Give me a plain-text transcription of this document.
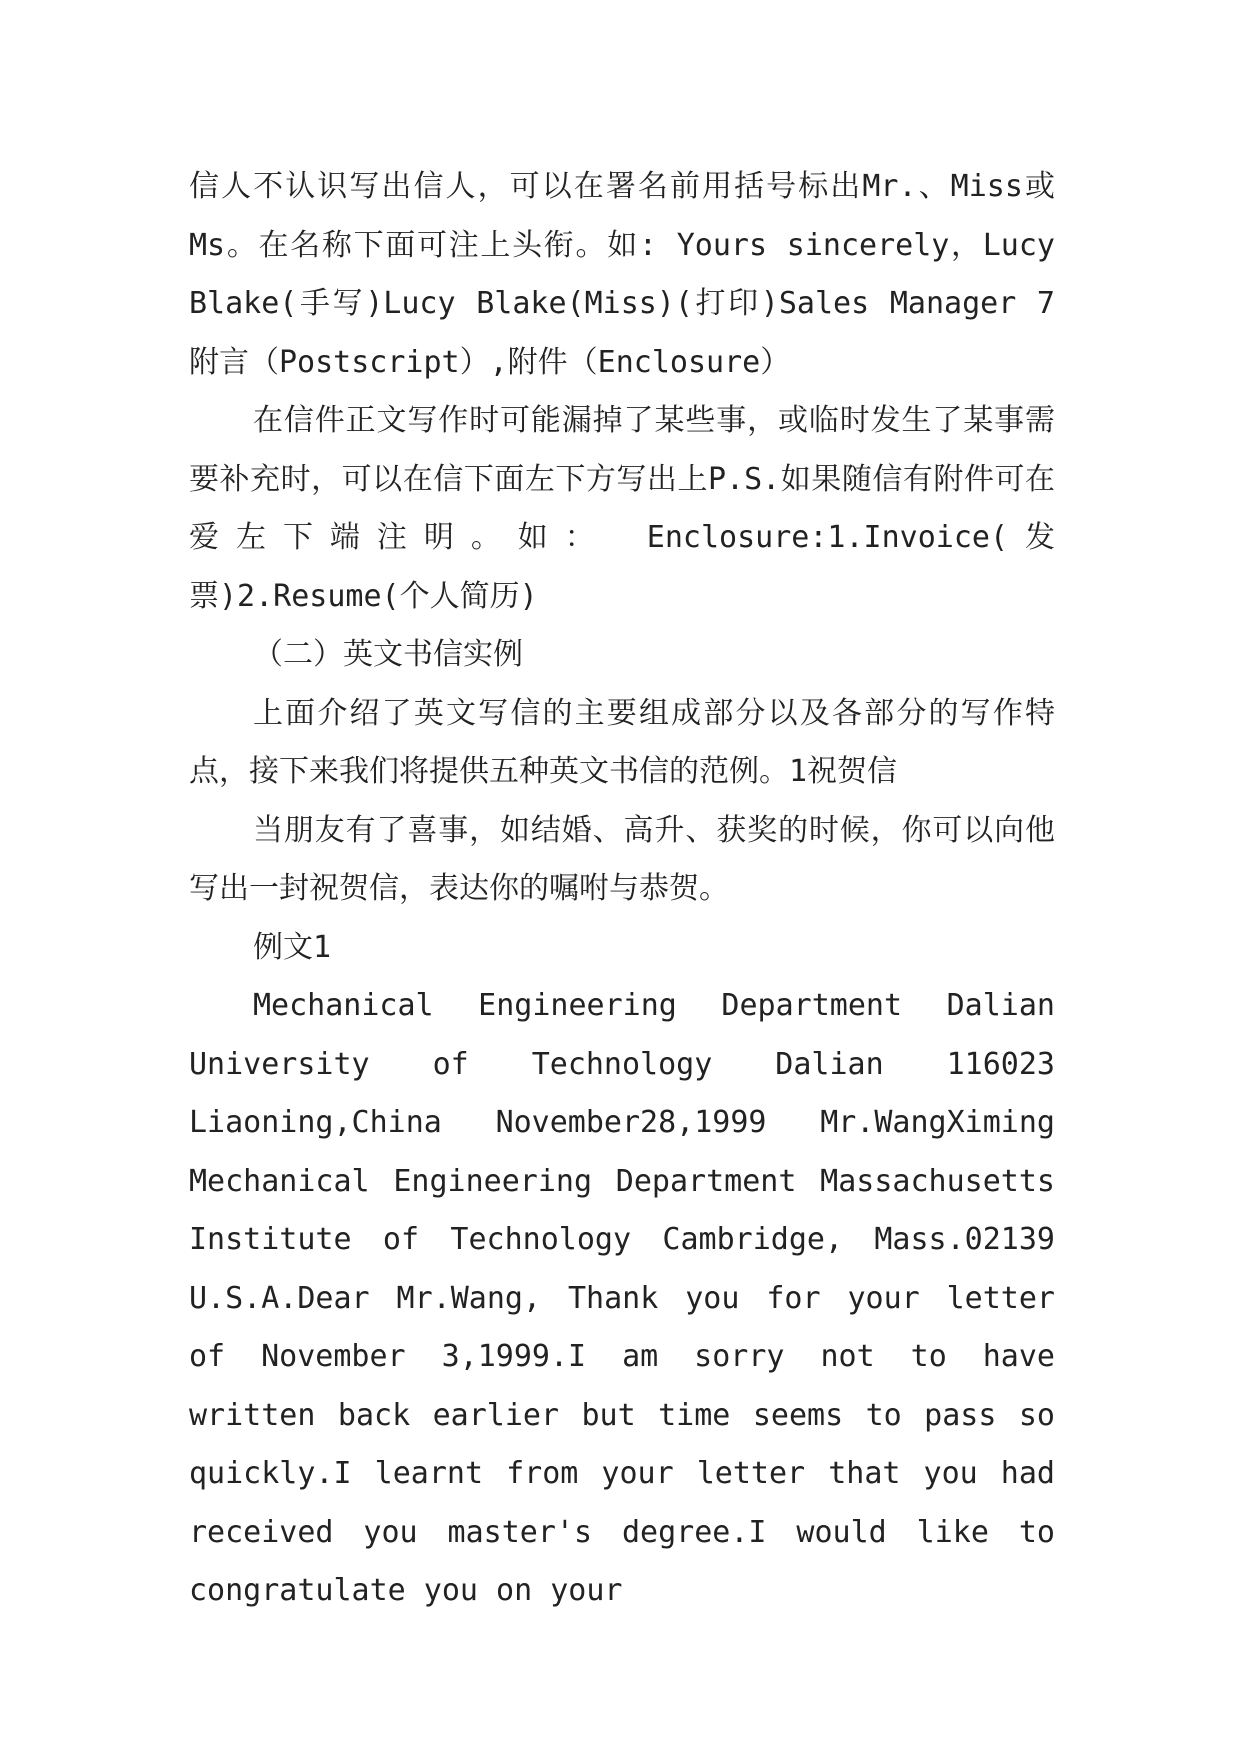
信人不认识写出信人，可以在署名前用括号标出Mr.、Miss或Ms。在名称下面可注上头衔。如: Yours sincerely，Lucy Blake(手写)Lucy Blake(Miss)(打印)Sales Manager 7附言（Postscript）,附件（Enclosure）

在信件正文写作时可能漏掉了某些事，或临时发生了某事需要补充时，可以在信下面左下方写出上P.S.如果随信有附件可在爱左下端注明。如： Enclosure:1.Invoice(发票)2.Resume(个人简历)

（二）英文书信实例

上面介绍了英文写信的主要组成部分以及各部分的写作特点，接下来我们将提供五种英文书信的范例。1祝贺信

当朋友有了喜事，如结婚、高升、获奖的时候，你可以向他写出一封祝贺信，表达你的嘱咐与恭贺。

例文1

Mechanical Engineering Department Dalian University of Technology Dalian 116023 Liaoning,China November28,1999 Mr.WangXiming Mechanical Engineering Department Massachusetts Institute of Technology Cambridge, Mass.02139 U.S.A.Dear Mr.Wang, Thank you for your letter of November 3,1999.I am sorry not to have written back earlier but time seems to pass so quickly.I learnt from your letter that you had received you master's degree.I would like to congratulate you on your
